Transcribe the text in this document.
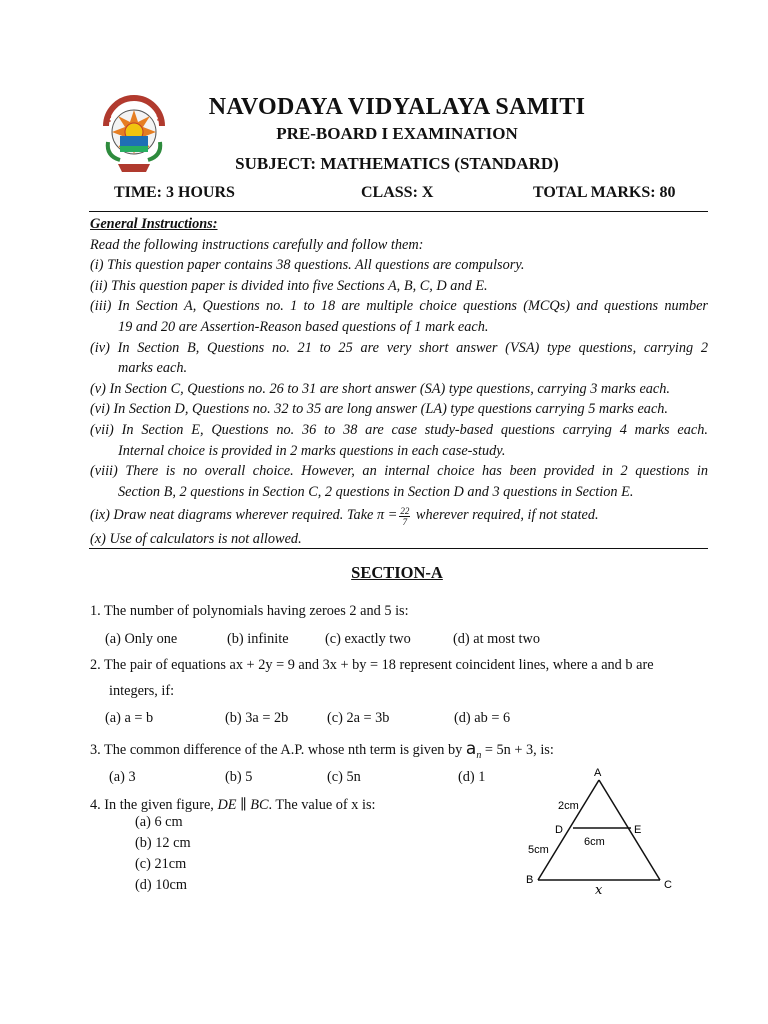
NAVODAYA VIDYALAYA SAMITI
PRE-BOARD I EXAMINATION
SUBJECT: MATHEMATICS (STANDARD)
TIME: 3 HOURS	CLASS: X	TOTAL MARKS: 80
General Instructions:
Read the following instructions carefully and follow them:
(i) This question paper contains 38 questions. All questions are compulsory.
(ii) This question paper is divided into five Sections A, B, C, D and E.
(iii) In Section A, Questions no. 1 to 18 are multiple choice questions (MCQs) and questions number
19 and 20 are Assertion-Reason based questions of 1 mark each.
(iv) In Section B, Questions no. 21 to 25 are very short answer (VSA) type questions, carrying 2
marks each.
(v) In Section C, Questions no. 26 to 31 are short answer (SA) type questions, carrying 3 marks each.
(vi) In Section D, Questions no. 32 to 35 are long answer (LA) type questions carrying 5 marks each.
(vii) In Section E, Questions no. 36 to 38 are case study-based questions carrying 4 marks each.
Internal choice is provided in 2 marks questions in each case-study.
(viii) There is no overall choice. However, an internal choice has been provided in 2 questions in
Section B, 2 questions in Section C, 2 questions in Section D and 3 questions in Section E.
(ix) Draw neat diagrams wherever required. Take $\pi = \frac{22}{7}$ wherever required, if not stated.
(x) Use of calculators is not allowed.
SECTION-A
1. The number of polynomials having zeroes 2 and 5 is:
(a) Only one	(b) infinite	(c) exactly two	(d) at most two
2. The pair of equations ax + 2y = 9 and 3x + by = 18 represent coincident lines, where a and b are
integers, if:
(a) a = b	(b) 3a = 2b	(c) 2a = 3b	(d) ab = 6
3. The common difference of the A.P. whose nth term is given by $a_n = 5n + 3$, is:
(a) 3	(b) 5	(c) 5n	(d) 1
4. In the given figure, DE ∥ BC. The value of x is:
(a) 6 cm
(b) 12 cm
(c) 21cm
(d) 10cm
A
B	C
D	E
2cm
5cm
6cm
x
